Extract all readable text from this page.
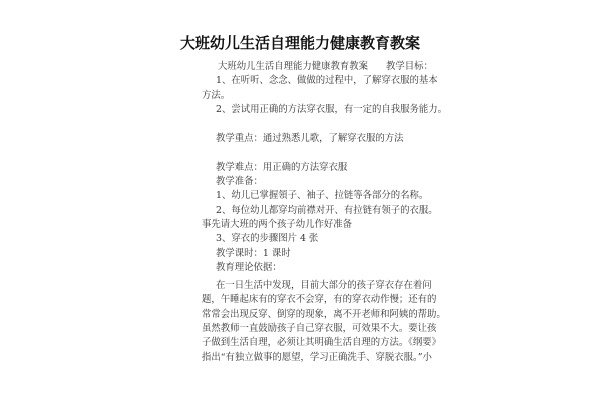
大班幼儿生活自理能力健康教育教案
大班幼儿生活自理能力健康教育教案 教学目标：
1、在听听、念念、做做的过程中，了解穿衣服的基本
方法。
2、尝试用正确的方法穿衣服，有一定的自我服务能力。
教学重点：通过熟悉儿歌，了解穿衣服的方法
教学难点：用正确的方法穿衣服
教学准备：
1、幼儿已掌握領子、袖子、拉链等各部分的名称。
2、每位幼儿都穿均前襟对开、有拉链有领子的衣服。
事先请大班的两个孩子幼儿作好准备
3、穿衣的步骤图片 4 张
教学课时：1 课时
教育理论依据：
在一日生活中发现，目前大部分的孩子穿衣存在着问
题，午睡起床有的穿衣不会穿，有的穿衣动作慢；还有的
常常会出现反穿、倒穿的现象，离不开老师和阿姨的帮助。
虽然教师一直鼓励孩子自己穿衣服，可效果不大。要让孩
子做到生活自理，必须让其明确生活自理的方法。《纲要》
指出“有独立做事的愿望，学习正确洗手、穿脱衣服。”小
